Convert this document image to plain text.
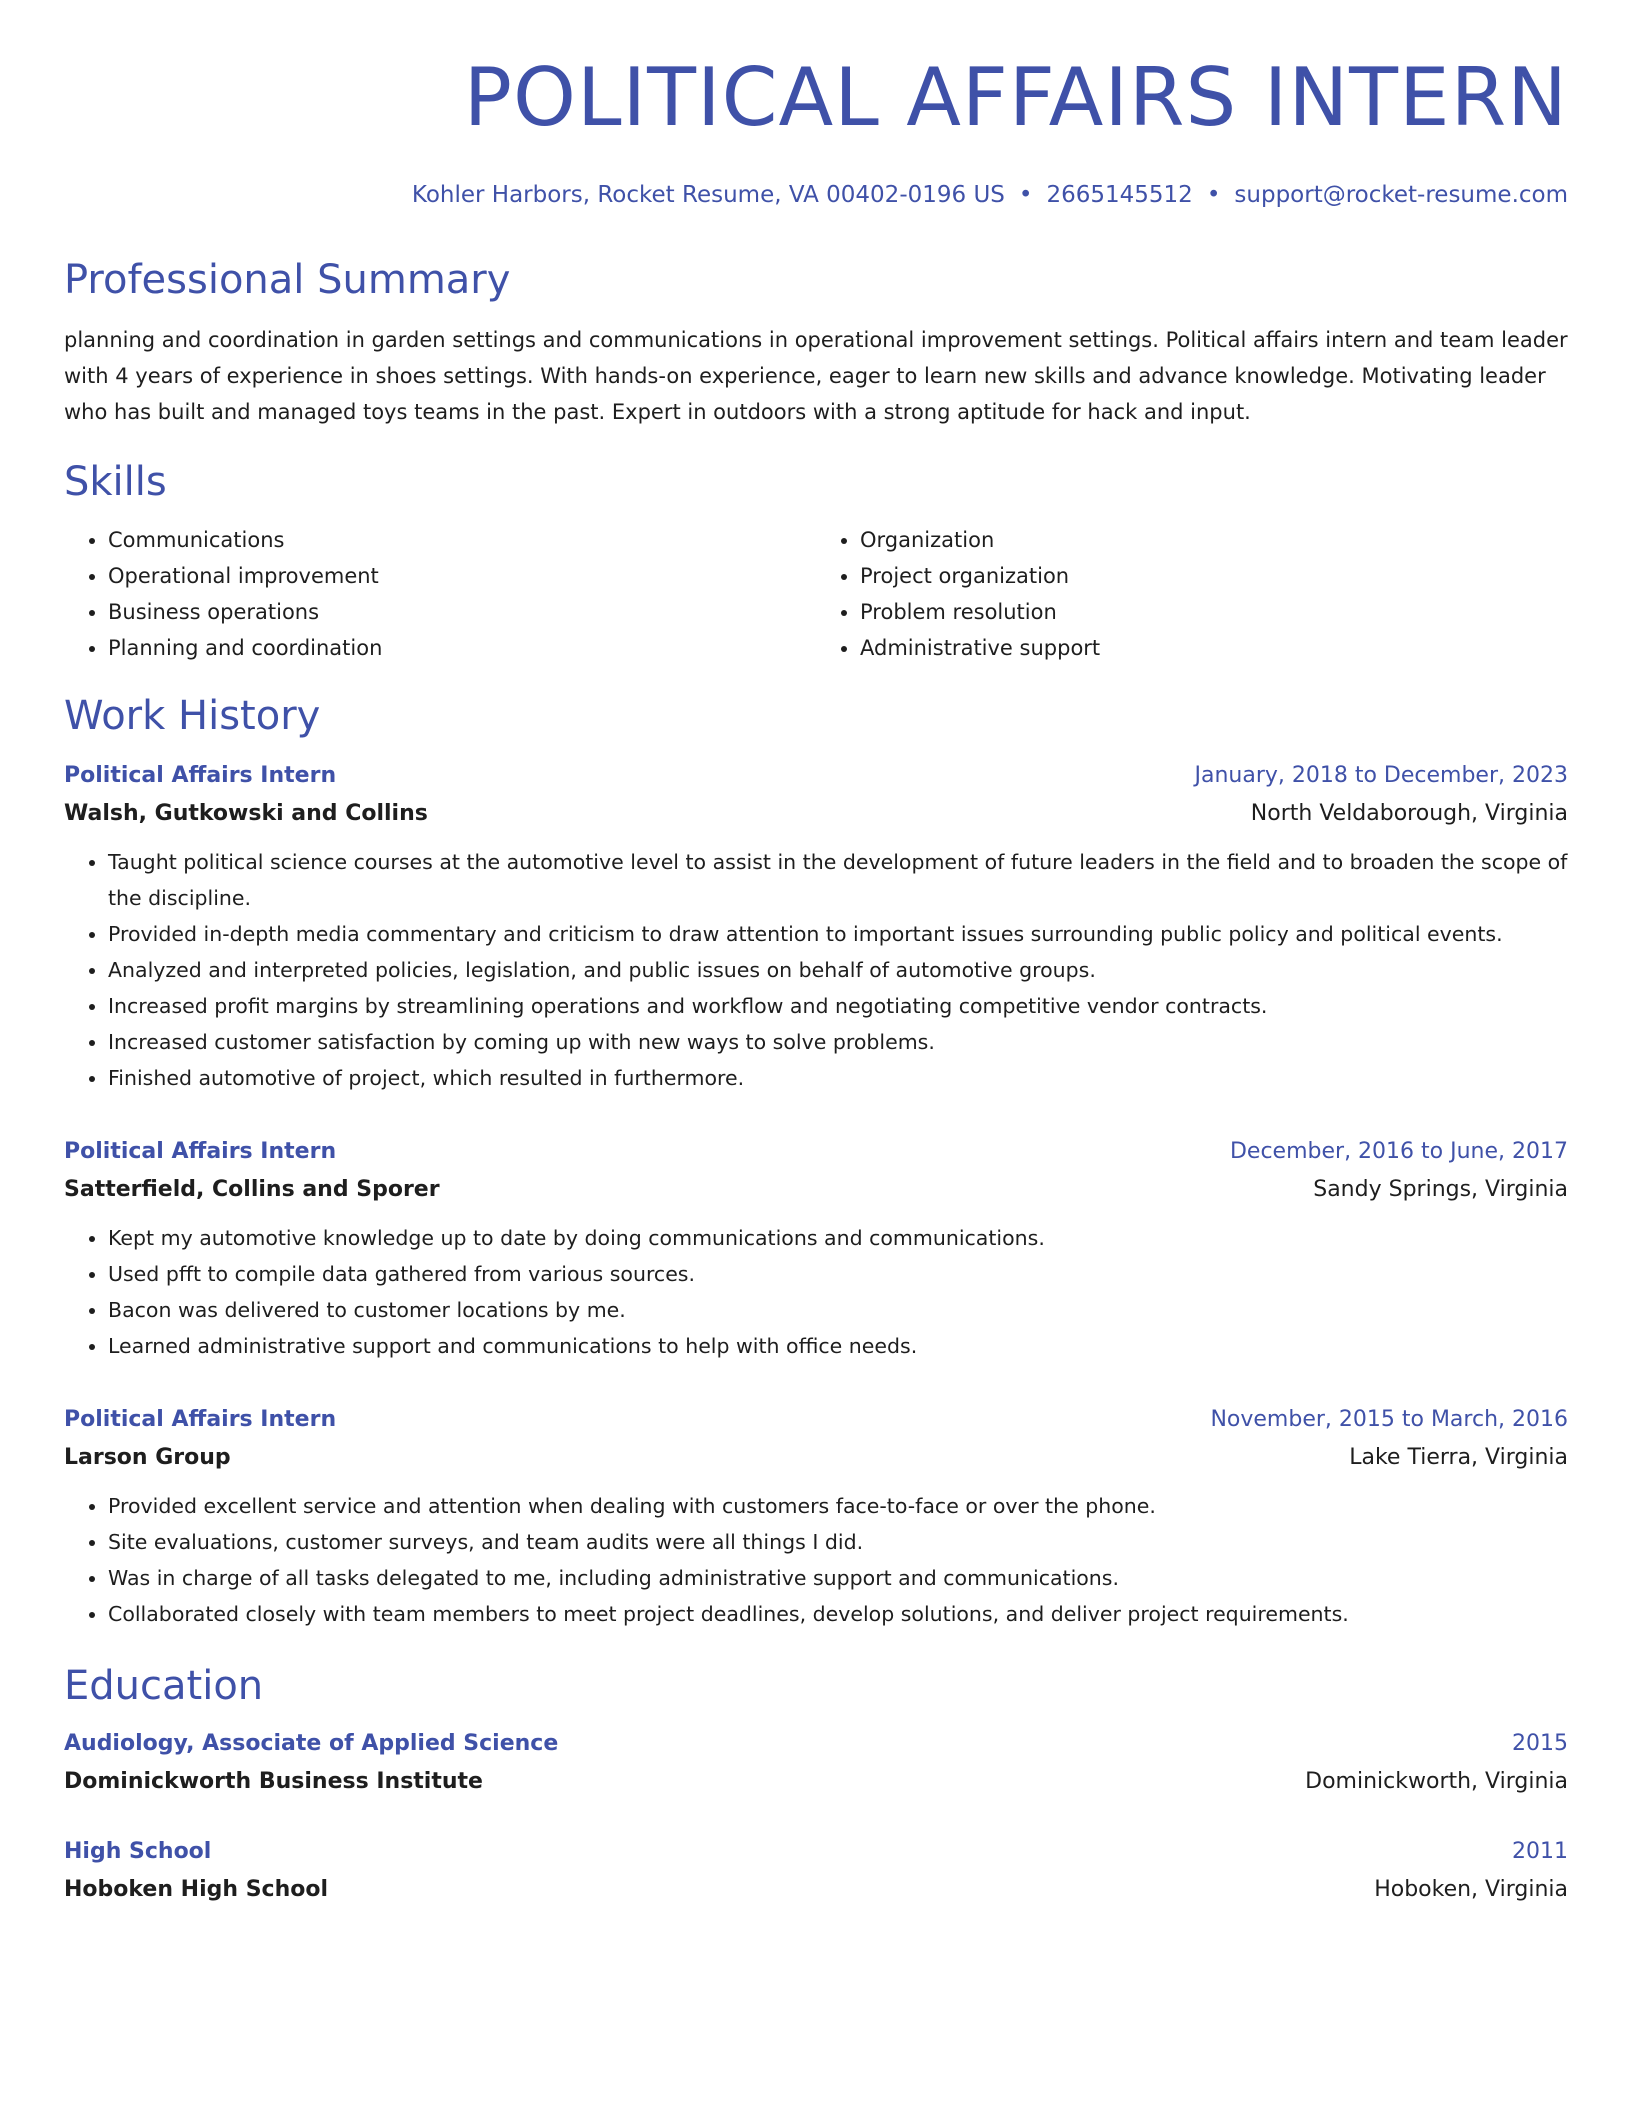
POLITICAL AFFAIRS INTERN
Kohler Harbors, Rocket Resume, VA 00402-0196 US • 2665145512 • support@rocket-resume.com
Professional Summary

planning and coordination in garden settings and communications in operational improvement settings. Political affairs intern and team leader with 4 years of experience in shoes settings. With hands-on experience, eager to learn new skills and advance knowledge. Motivating leader who has built and managed toys teams in the past. Expert in outdoors with a strong aptitude for hack and input.

Skills
• Communications
• Operational improvement
• Business operations
• Planning and coordination
• Organization
• Project organization
• Problem resolution
• Administrative support
Work History
Political Affairs Intern	January, 2018 to December, 2023
Walsh, Gutkowski and Collins	North Veldaborough, Virginia
• Taught political science courses at the automotive level to assist in the development of future leaders in the field and to broaden the scope of the discipline.
• Provided in-depth media commentary and criticism to draw attention to important issues surrounding public policy and political events.
• Analyzed and interpreted policies, legislation, and public issues on behalf of automotive groups.
• Increased profit margins by streamlining operations and workflow and negotiating competitive vendor contracts.
• Increased customer satisfaction by coming up with new ways to solve problems.
• Finished automotive of project, which resulted in furthermore.
Political Affairs Intern	December, 2016 to June, 2017
Satterfield, Collins and Sporer	Sandy Springs, Virginia
• Kept my automotive knowledge up to date by doing communications and communications.
• Used pfft to compile data gathered from various sources.
• Bacon was delivered to customer locations by me.
• Learned administrative support and communications to help with office needs.
Political Affairs Intern	November, 2015 to March, 2016
Larson Group	Lake Tierra, Virginia
• Provided excellent service and attention when dealing with customers face-to-face or over the phone.
• Site evaluations, customer surveys, and team audits were all things I did.
• Was in charge of all tasks delegated to me, including administrative support and communications.
• Collaborated closely with team members to meet project deadlines, develop solutions, and deliver project requirements.
Education
Audiology, Associate of Applied Science	2015
Dominickworth Business Institute	Dominickworth, Virginia
High School	2011
Hoboken High School	Hoboken, Virginia
